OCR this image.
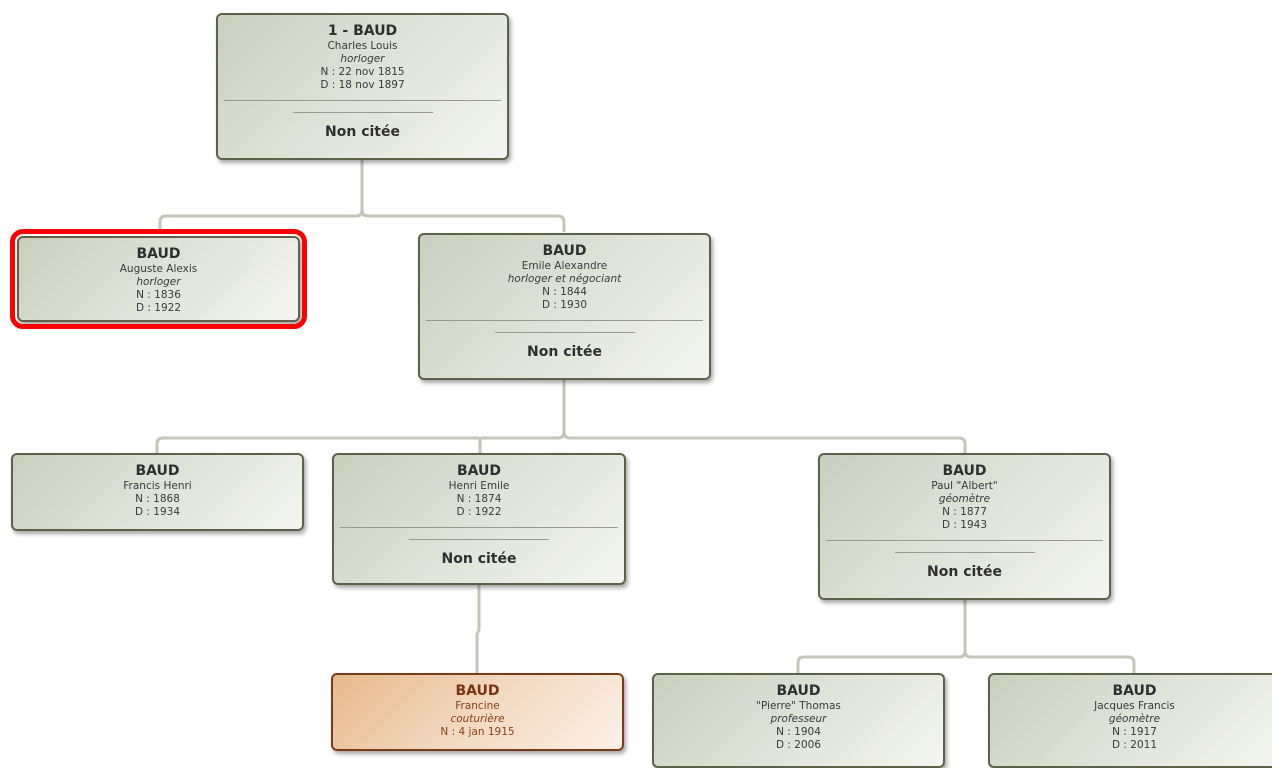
1 - BAUD
Charles Louis
horloger
N : 22 nov 1815
D : 18 nov 1897
Non citée
BAUD
Auguste Alexis
horloger
N : 1836
D : 1922
BAUD
Emile Alexandre
horloger et négociant
N : 1844
D : 1930
Non citée
BAUD
Francis Henri
N : 1868
D : 1934
BAUD
Henri Emile
N : 1874
D : 1922
Non citée
BAUD
Paul "Albert"
géomètre
N : 1877
D : 1943
Non citée
BAUD
Francine
couturière
N : 4 jan 1915
BAUD
"Pierre" Thomas
professeur
N : 1904
D : 2006
BAUD
Jacques Francis
géomètre
N : 1917
D : 2011
